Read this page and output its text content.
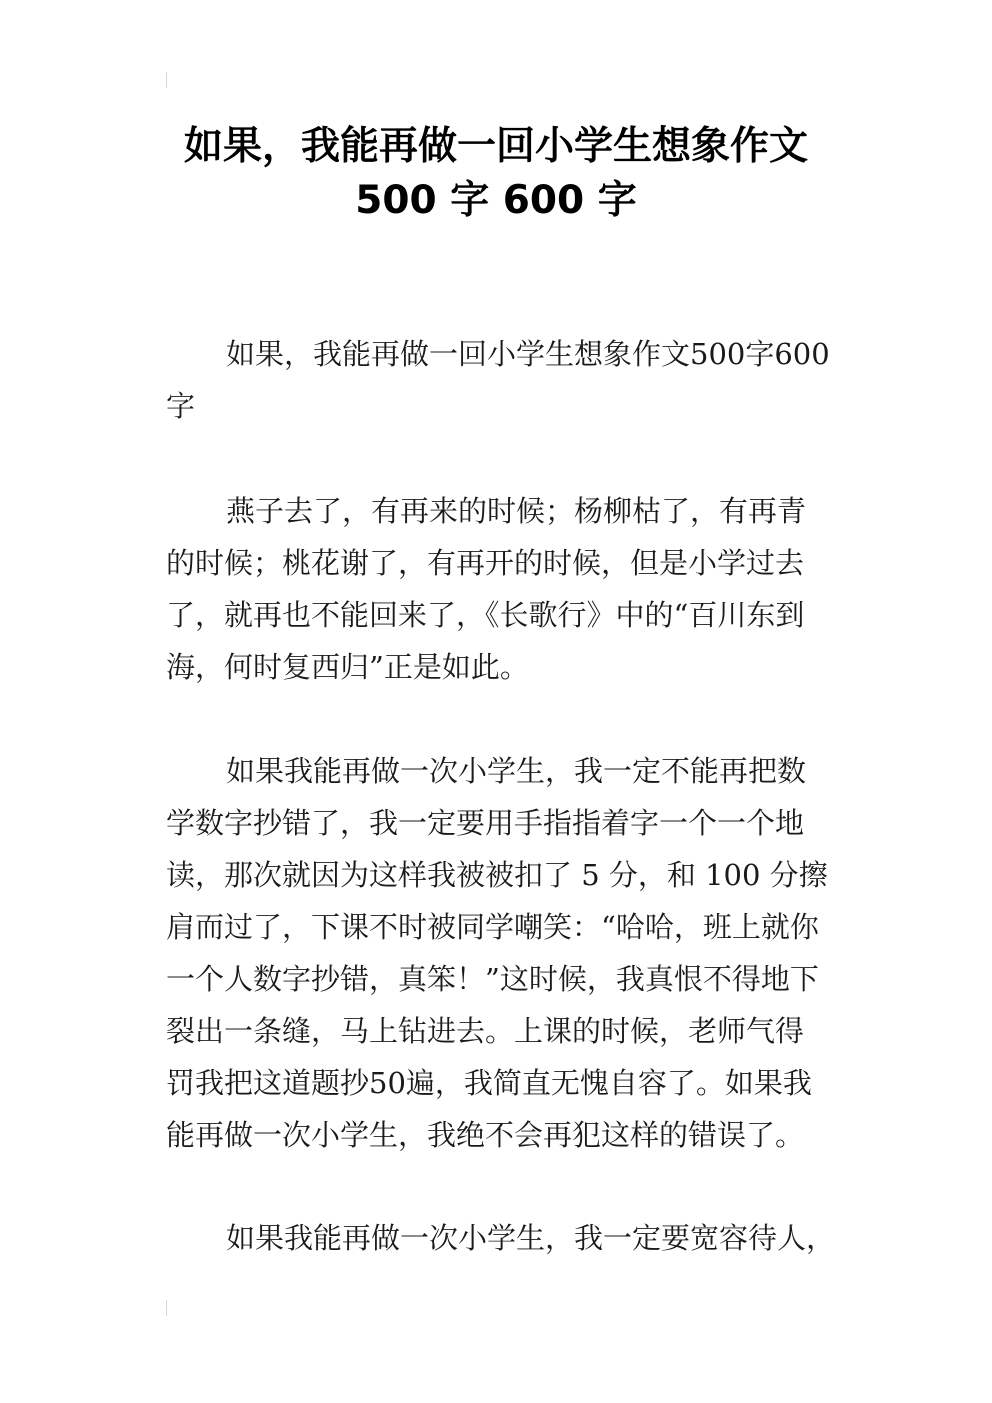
如果，我能再做一回小学生想象作文
500 字 600 字
如果，我能再做一回小学生想象作文500字600
字
燕子去了，有再来的时候；杨柳枯了，有再青
的时候；桃花谢了，有再开的时候，但是小学过去
了，就再也不能回来了，《长歌行》中的“百川东到
海，何时复西归”正是如此。
如果我能再做一次小学生，我一定不能再把数
学数字抄错了，我一定要用手指指着字一个一个地
读，那次就因为这样我被被扣了 5 分，和 100 分擦
肩而过了，下课不时被同学嘲笑：“哈哈，班上就你
一个人数字抄错，真笨！”这时候，我真恨不得地下
裂出一条缝，马上钻进去。上课的时候，老师气得
罚我把这道题抄50遍，我简直无愧自容了。如果我
能再做一次小学生，我绝不会再犯这样的错误了。
如果我能再做一次小学生，我一定要宽容待人，
